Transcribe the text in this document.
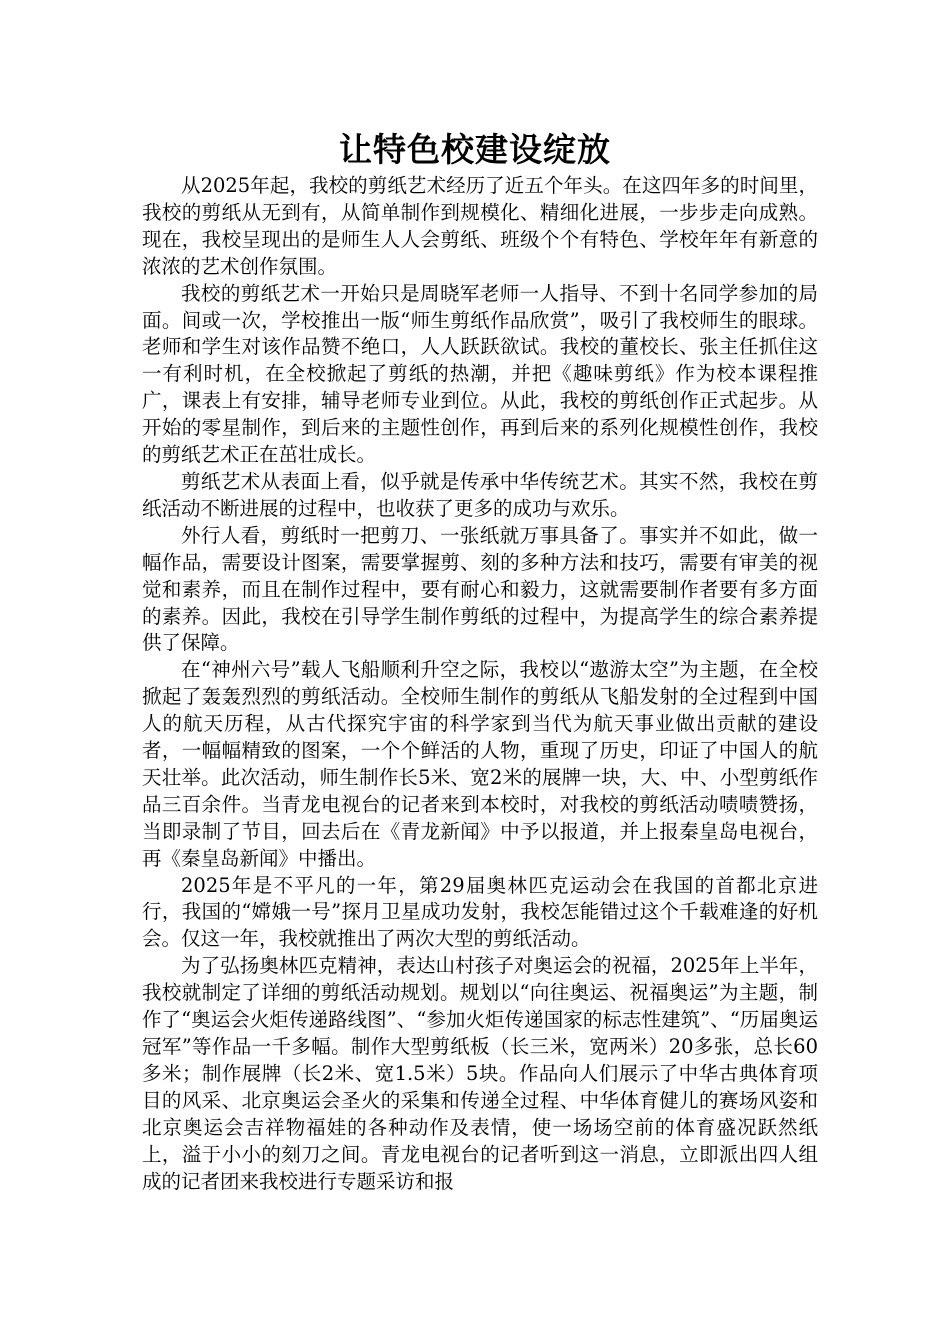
让特色校建设绽放

从2025年起，我校的剪纸艺术经历了近五个年头。在这四年多的时间里，我校的剪纸从无到有，从简单制作到规模化、精细化进展，一步步走向成熟。现在，我校呈现出的是师生人人会剪纸、班级个个有特色、学校年年有新意的浓浓的艺术创作氛围。

我校的剪纸艺术一开始只是周晓军老师一人指导、不到十名同学参加的局面。间或一次，学校推出一版“师生剪纸作品欣赏”，吸引了我校师生的眼球。老师和学生对该作品赞不绝口，人人跃跃欲试。我校的董校长、张主任抓住这一有利时机，在全校掀起了剪纸的热潮，并把《趣味剪纸》作为校本课程推广，课表上有安排，辅导老师专业到位。从此，我校的剪纸创作正式起步。从开始的零星制作，到后来的主题性创作，再到后来的系列化规模性创作，我校的剪纸艺术正在茁壮成长。

剪纸艺术从表面上看，似乎就是传承中华传统艺术。其实不然，我校在剪纸活动不断进展的过程中，也收获了更多的成功与欢乐。

外行人看，剪纸时一把剪刀、一张纸就万事具备了。事实并不如此，做一幅作品，需要设计图案，需要掌握剪、刻的多种方法和技巧，需要有审美的视觉和素养，而且在制作过程中，要有耐心和毅力，这就需要制作者要有多方面的素养。因此，我校在引导学生制作剪纸的过程中，为提高学生的综合素养提供了保障。

在“神州六号”载人飞船顺利升空之际，我校以“遨游太空”为主题，在全校掀起了轰轰烈烈的剪纸活动。全校师生制作的剪纸从飞船发射的全过程到中国人的航天历程，从古代探究宇宙的科学家到当代为航天事业做出贡献的建设者，一幅幅精致的图案，一个个鲜活的人物，重现了历史，印证了中国人的航天壮举。此次活动，师生制作长5米、宽2米的展牌一块，大、中、小型剪纸作品三百余件。当青龙电视台的记者来到本校时，对我校的剪纸活动啧啧赞扬，当即录制了节目，回去后在《青龙新闻》中予以报道，并上报秦皇岛电视台，再《秦皇岛新闻》中播出。

2025年是不平凡的一年，第29届奥林匹克运动会在我国的首都北京进行，我国的“嫦娥一号”探月卫星成功发射，我校怎能错过这个千载难逢的好机会。仅这一年，我校就推出了两次大型的剪纸活动。

为了弘扬奥林匹克精神，表达山村孩子对奥运会的祝福，2025年上半年，我校就制定了详细的剪纸活动规划。规划以“向往奥运、祝福奥运”为主题，制作了“奥运会火炬传递路线图”、“参加火炬传递国家的标志性建筑”、“历届奥运冠军”等作品一千多幅。制作大型剪纸板（长三米，宽两米）20多张，总长60多米；制作展牌（长2米、宽1.5米）5块。作品向人们展示了中华古典体育项目的风采、北京奥运会圣火的采集和传递全过程、中华体育健儿的赛场风姿和北京奥运会吉祥物福娃的各种动作及表情，使一场场空前的体育盛况跃然纸上，溢于小小的刻刀之间。青龙电视台的记者听到这一消息，立即派出四人组成的记者团来我校进行专题采访和报
